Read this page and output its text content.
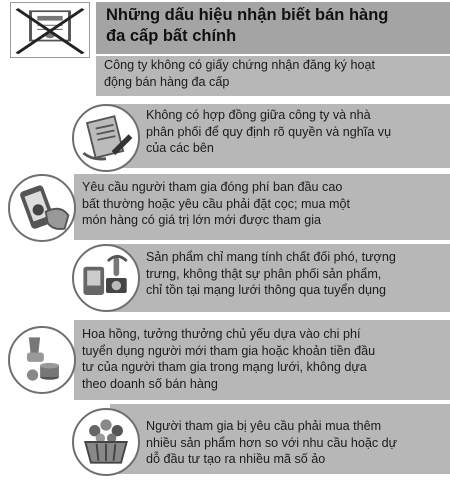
Những dấu hiệu nhận biết bán hàng
đa cấp bất chính
Công ty không có giấy chứng nhận đăng ký hoạt
động bán hàng đa cấp
Không có hợp đồng giữa công ty và nhà
phân phối để quy định rõ quyền và nghĩa vụ
của các bên
Yêu cầu người tham gia đóng phí ban đầu cao
bất thường hoặc yêu cầu phải đặt cọc; mua một
món hàng có giá trị lớn mới được tham gia
Sản phẩm chỉ mang tính chất đối phó, tượng
trưng, không thật sự phân phối sản phẩm,
chỉ tồn tại mạng lưới thông qua tuyển dụng
Hoa hồng, tưởng thưởng chủ yếu dựa vào chi phí
tuyển dụng người mới tham gia hoặc khoản tiền đầu
tư của người tham gia trong mạng lưới, không dựa
theo doanh số bán hàng
Người tham gia bị yêu cầu phải mua thêm
nhiều sản phẩm hơn so với nhu cầu hoặc dự
dỗ đầu tư tạo ra nhiều mã số ảo
